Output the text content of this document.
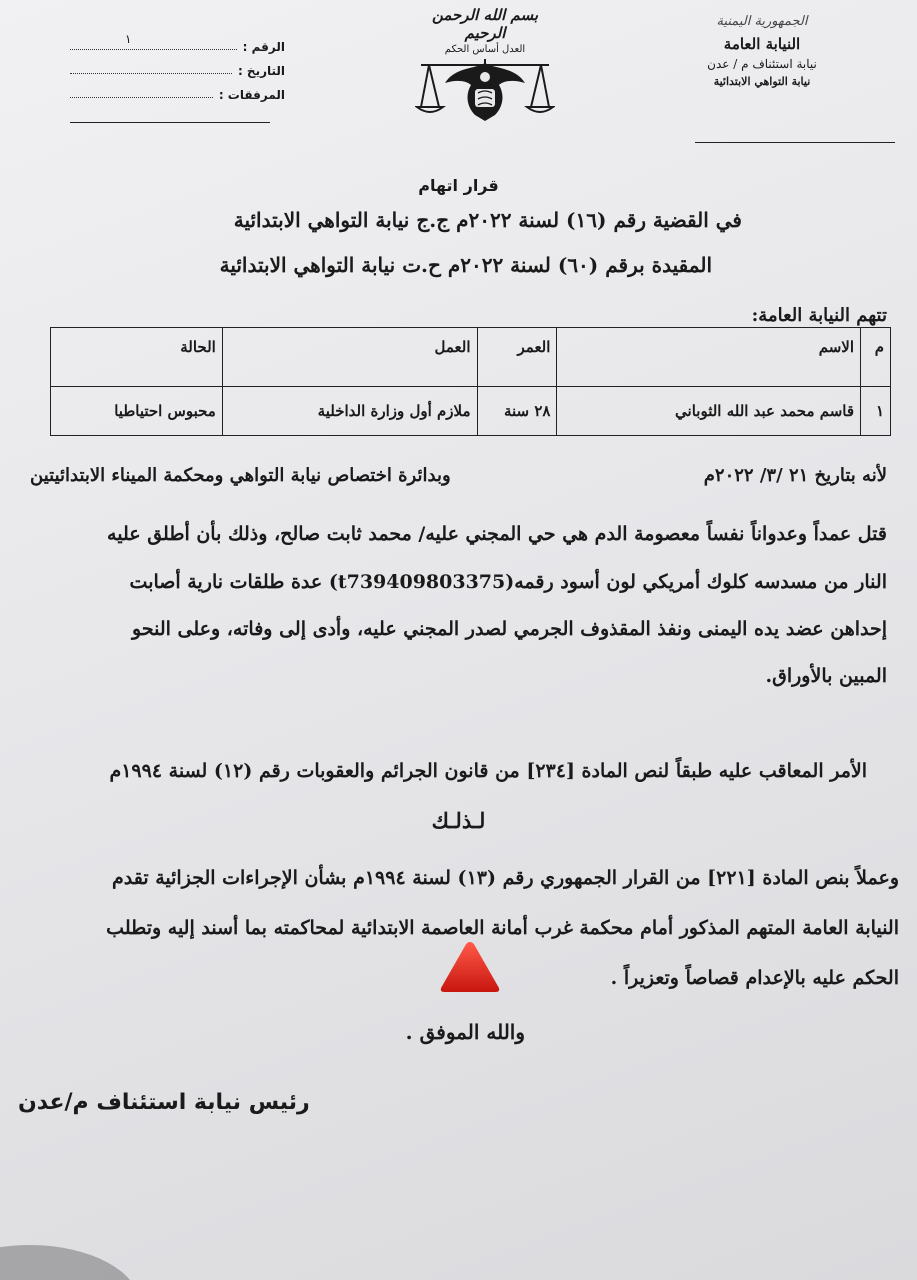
الجمهورية اليمنية
النيابة العامة
نيابة استئناف م / عدن
نيابة التواهي الابتدائية
بسم الله الرحمن الرحيم
العدل أساس الحكم
الرقم :
١
التاريخ :
المرفقات :
قرار اتهام
في القضية رقم (١٦) لسنة ٢٠٢٢م ج.ج نيابة التواهي الابتدائية
المقيدة برقم (٦٠) لسنة ٢٠٢٢م ح.ت نيابة التواهي الابتدائية
تتهم النيابة العامة:
م	الاسم	العمر	العمل	الحالة
١	قاسم محمد عبد الله الثوباني	٢٨ سنة	ملازم أول وزارة الداخلية	محبوس احتياطيا
لأنه بتاريخ ٢١ /٣/ ٢٠٢٢م
وبدائرة اختصاص نيابة التواهي ومحكمة الميناء الابتدائيتين
قتل عمداً وعدواناً نفساً معصومة الدم هي حي المجني عليه/ محمد ثابت صالح، وذلك بأن أطلق عليه
النار من مسدسه كلوك أمريكي لون أسود رقمه(t739409803375) عدة طلقات نارية أصابت
إحداهن عضد يده اليمنى ونفذ المقذوف الجرمي لصدر المجني عليه، وأدى إلى وفاته، وعلى النحو
المبين بالأوراق.
الأمر المعاقب عليه طبقاً لنص المادة [٢٣٤] من قانون الجرائم والعقوبات رقم (١٢) لسنة ١٩٩٤م
لـذلـك
وعملاً بنص المادة [٢٢١] من القرار الجمهوري رقم (١٣) لسنة ١٩٩٤م بشأن الإجراءات الجزائية تقدم
النيابة العامة المتهم المذكور أمام محكمة غرب أمانة العاصمة الابتدائية لمحاكمته بما أسند إليه وتطلب
الحكم عليه بالإعدام قصاصاً وتعزيراً .
والله الموفق .
رئيس نيابة استئناف م/عدن
